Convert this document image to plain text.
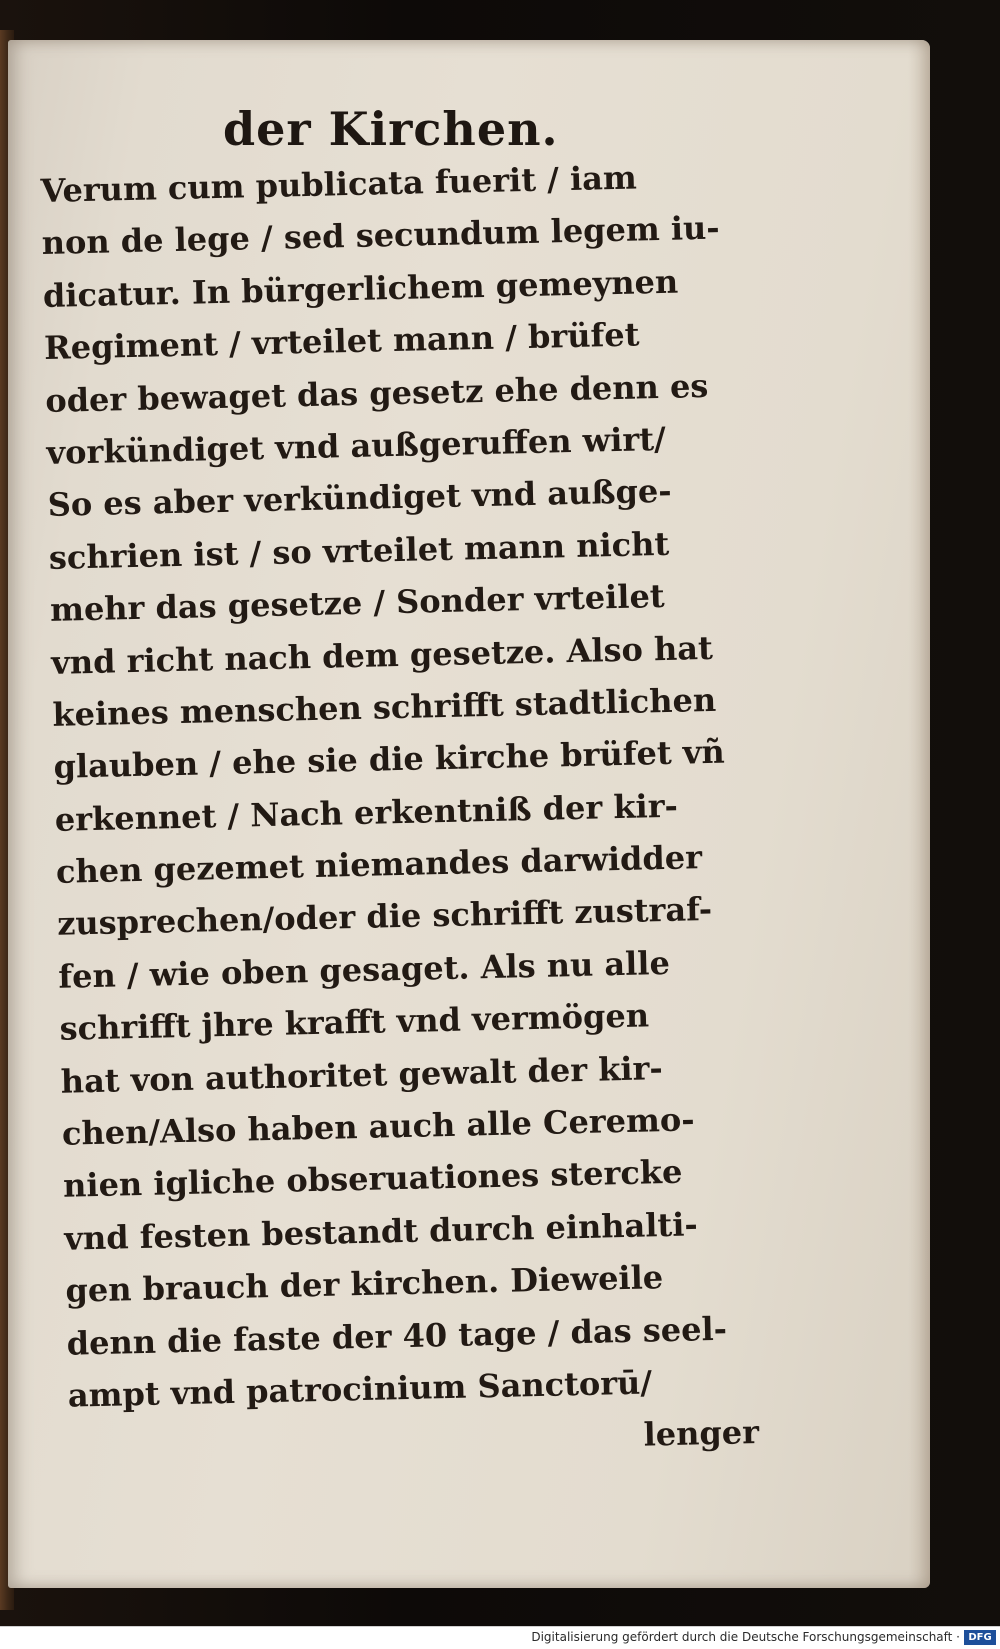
der Kirchen.
Verum cum publicata fuerit / iam
non de lege / sed secundum legem iu-
dicatur. In bürgerlichem gemeynen
Regiment / vrteilet mann / brüfet
oder bewaget das gesetz ehe denn es
vorkündiget vnd außgeruffen wirt/
So es aber verkündiget vnd außge-
schrien ist / so vrteilet mann nicht
mehr das gesetze / Sonder vrteilet
vnd richt nach dem gesetze. Also hat
keines menschen schrifft stadtlichen
glauben / ehe sie die kirche brüfet vñ
erkennet / Nach erkentniß der kir-
chen gezemet niemandes darwidder
zusprechen/oder die schrifft zustraf-
fen / wie oben gesaget. Als nu alle
schrifft jhre krafft vnd vermögen
hat von authoritet gewalt der kir-
chen/Also haben auch alle Ceremo-
nien igliche obseruationes stercke
vnd festen bestandt durch einhalti-
gen brauch der kirchen. Dieweile
denn die faste der 40 tage / das seel-
ampt vnd patrocinium Sanctorū/
lenger
Digitalisierung gefördert durch die Deutsche Forschungsgemeinschaft · DFG
